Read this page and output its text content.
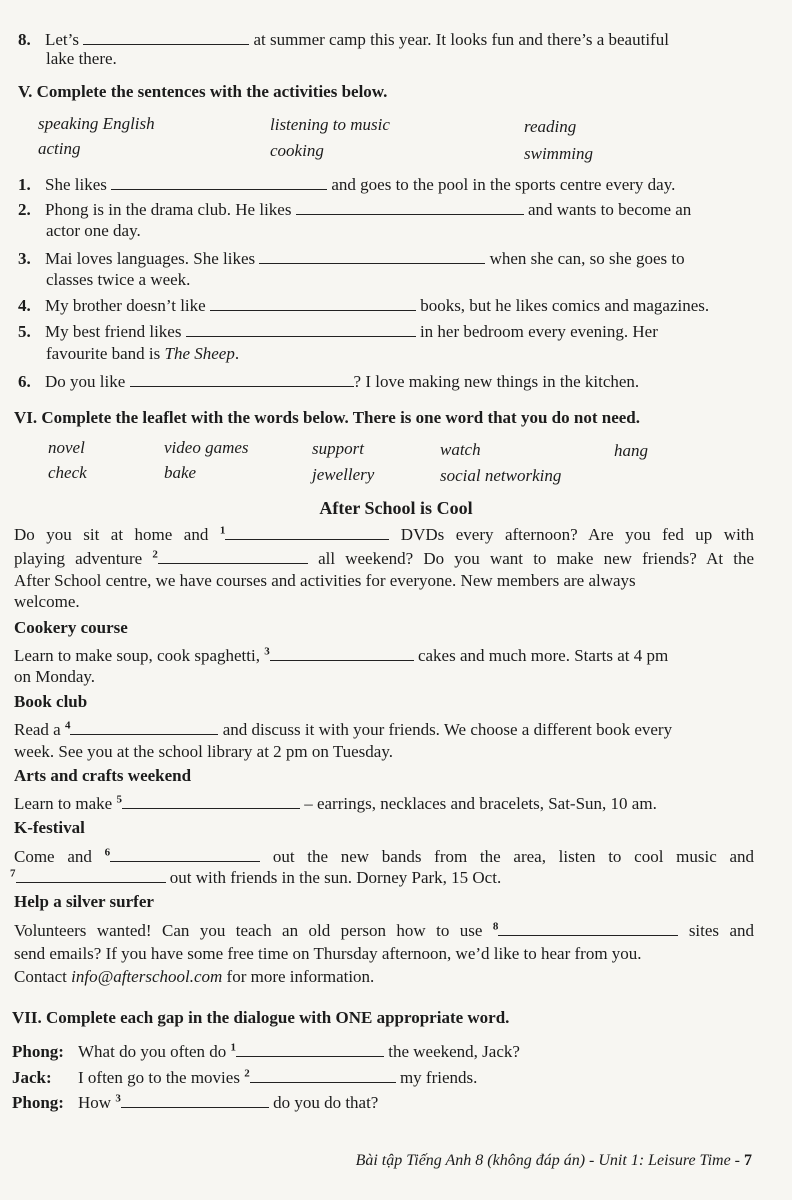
8. Let’s	at summer camp this year. It looks fun and there’s a beautiful
lake there.
V. Complete the sentences with the activities below.
speaking English	listening to music	reading
acting	cooking	swimming
1. She likes	and goes to the pool in the sports centre every day.
2. Phong is in the drama club. He likes	and wants to become an
actor one day.
3. Mai loves languages. She likes	when she can, so she goes to
classes twice a week.
4. My brother doesn’t like	books, but he likes comics and magazines.
5. My best friend likes	in her bedroom every evening. Her
favourite band is The Sheep.
6. Do you like	? I love making new things in the kitchen.
VI. Complete the leaflet with the words below. There is one word that you do not need.
novel	video games	support	watch	hang
check	bake	jewellery	social networking
After School is Cool
Do you sit at home and $^1$	DVDs every afternoon? Are you fed up with
playing adventure $^2$	all weekend? Do you want to make new friends? At the
After School centre, we have courses and activities for everyone. New members are always
welcome.
Cookery course
Learn to make soup, cook spaghetti, $^3$	cakes and much more. Starts at 4 pm
on Monday.
Book club
Read a $^4$	and discuss it with your friends. We choose a different book every
week. See you at the school library at 2 pm on Tuesday.
Arts and crafts weekend
Learn to make $^5$	– earrings, necklaces and bracelets, Sat-Sun, 10 am.
K-festival
Come and $^6$	out the new bands from the area, listen to cool music and
$^7$	out with friends in the sun. Dorney Park, 15 Oct.
Help a silver surfer
Volunteers wanted! Can you teach an old person how to use $^8$	sites and
send emails? If you have some free time on Thursday afternoon, we’d like to hear from you.
Contact info@afterschool.com for more information.
VII. Complete each gap in the dialogue with ONE appropriate word.
Phong: What do you often do $^1$	the weekend, Jack?
Jack: I often go to the movies $^2$	my friends.
Phong: How $^3$	do you do that?
Bài tập Tiếng Anh 8 (không đáp án) - Unit 1: Leisure Time - 7
